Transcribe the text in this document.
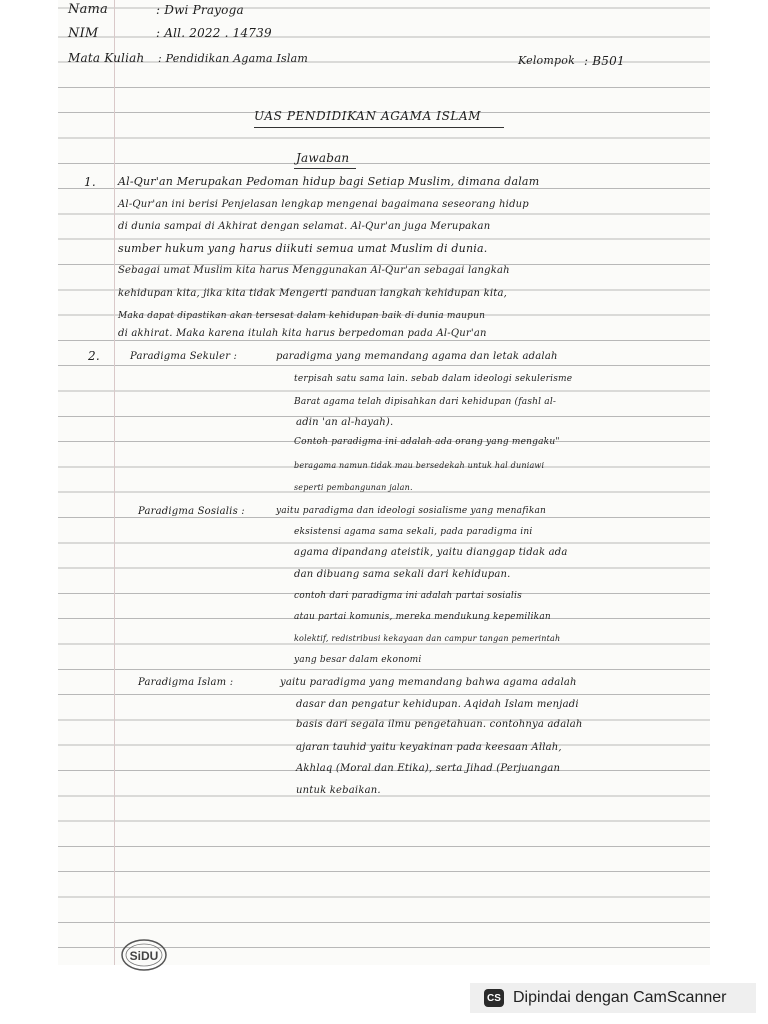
Nama	: Dwi Prayoga
NIM	: All. 2022 . 14739
Mata Kuliah : Pendidikan Agama Islam	Kelompok : B501
UAS PENDIDIKAN AGAMA ISLAM
Jawaban
1. Al-Qur'an Merupakan Pedoman hidup bagi Setiap Muslim, dimana dalam
Al-Qur'an ini berisi Penjelasan lengkap mengenai bagaimana seseorang hidup
di dunia sampai di Akhirat dengan selamat. Al-Qur'an juga Merupakan
sumber hukum yang harus diikuti semua umat Muslim di dunia.
Sebagai umat Muslim kita harus Menggunakan Al-Qur'an sebagai langkah
kehidupan kita, jika kita tidak Mengerti panduan langkah kehidupan kita,
Maka dapat dipastikan akan tersesat dalam kehidupan baik di dunia maupun
di akhirat. Maka karena itulah kita harus berpedoman pada Al-Qur'an
2.	Paradigma Sekuler :	paradigma yang memandang agama dan letak adalah
terpisah satu sama lain. sebab dalam ideologi sekulerisme
Barat agama telah dipisahkan dari kehidupan (fashl al-
adin 'an al-hayah).
Contoh paradigma ini adalah ada orang yang mengaku"
beragama namun tidak mau bersedekah untuk hal duniawi
seperti pembangunan jalan.
Paradigma Sosialis :	yaitu paradigma dan ideologi sosialisme yang menafikan
eksistensi agama sama sekali, pada paradigma ini
agama dipandang ateistik, yaitu dianggap tidak ada
dan dibuang sama sekali dari kehidupan.
contoh dari paradigma ini adalah partai sosialis
atau partai komunis, mereka mendukung kepemilikan
kolektif, redistribusi kekayaan dan campur tangan pemerintah
yang besar dalam ekonomi
Paradigma Islam :	yaitu paradigma yang memandang bahwa agama adalah
dasar dan pengatur kehidupan. Aqidah Islam menjadi
basis dari segala ilmu pengetahuan. contohnya adalah
ajaran tauhid yaitu keyakinan pada keesaan Allah,
Akhlaq (Moral dan Etika), serta Jihad (Perjuangan
untuk kebaikan.
SiDU
CS Dipindai dengan CamScanner
